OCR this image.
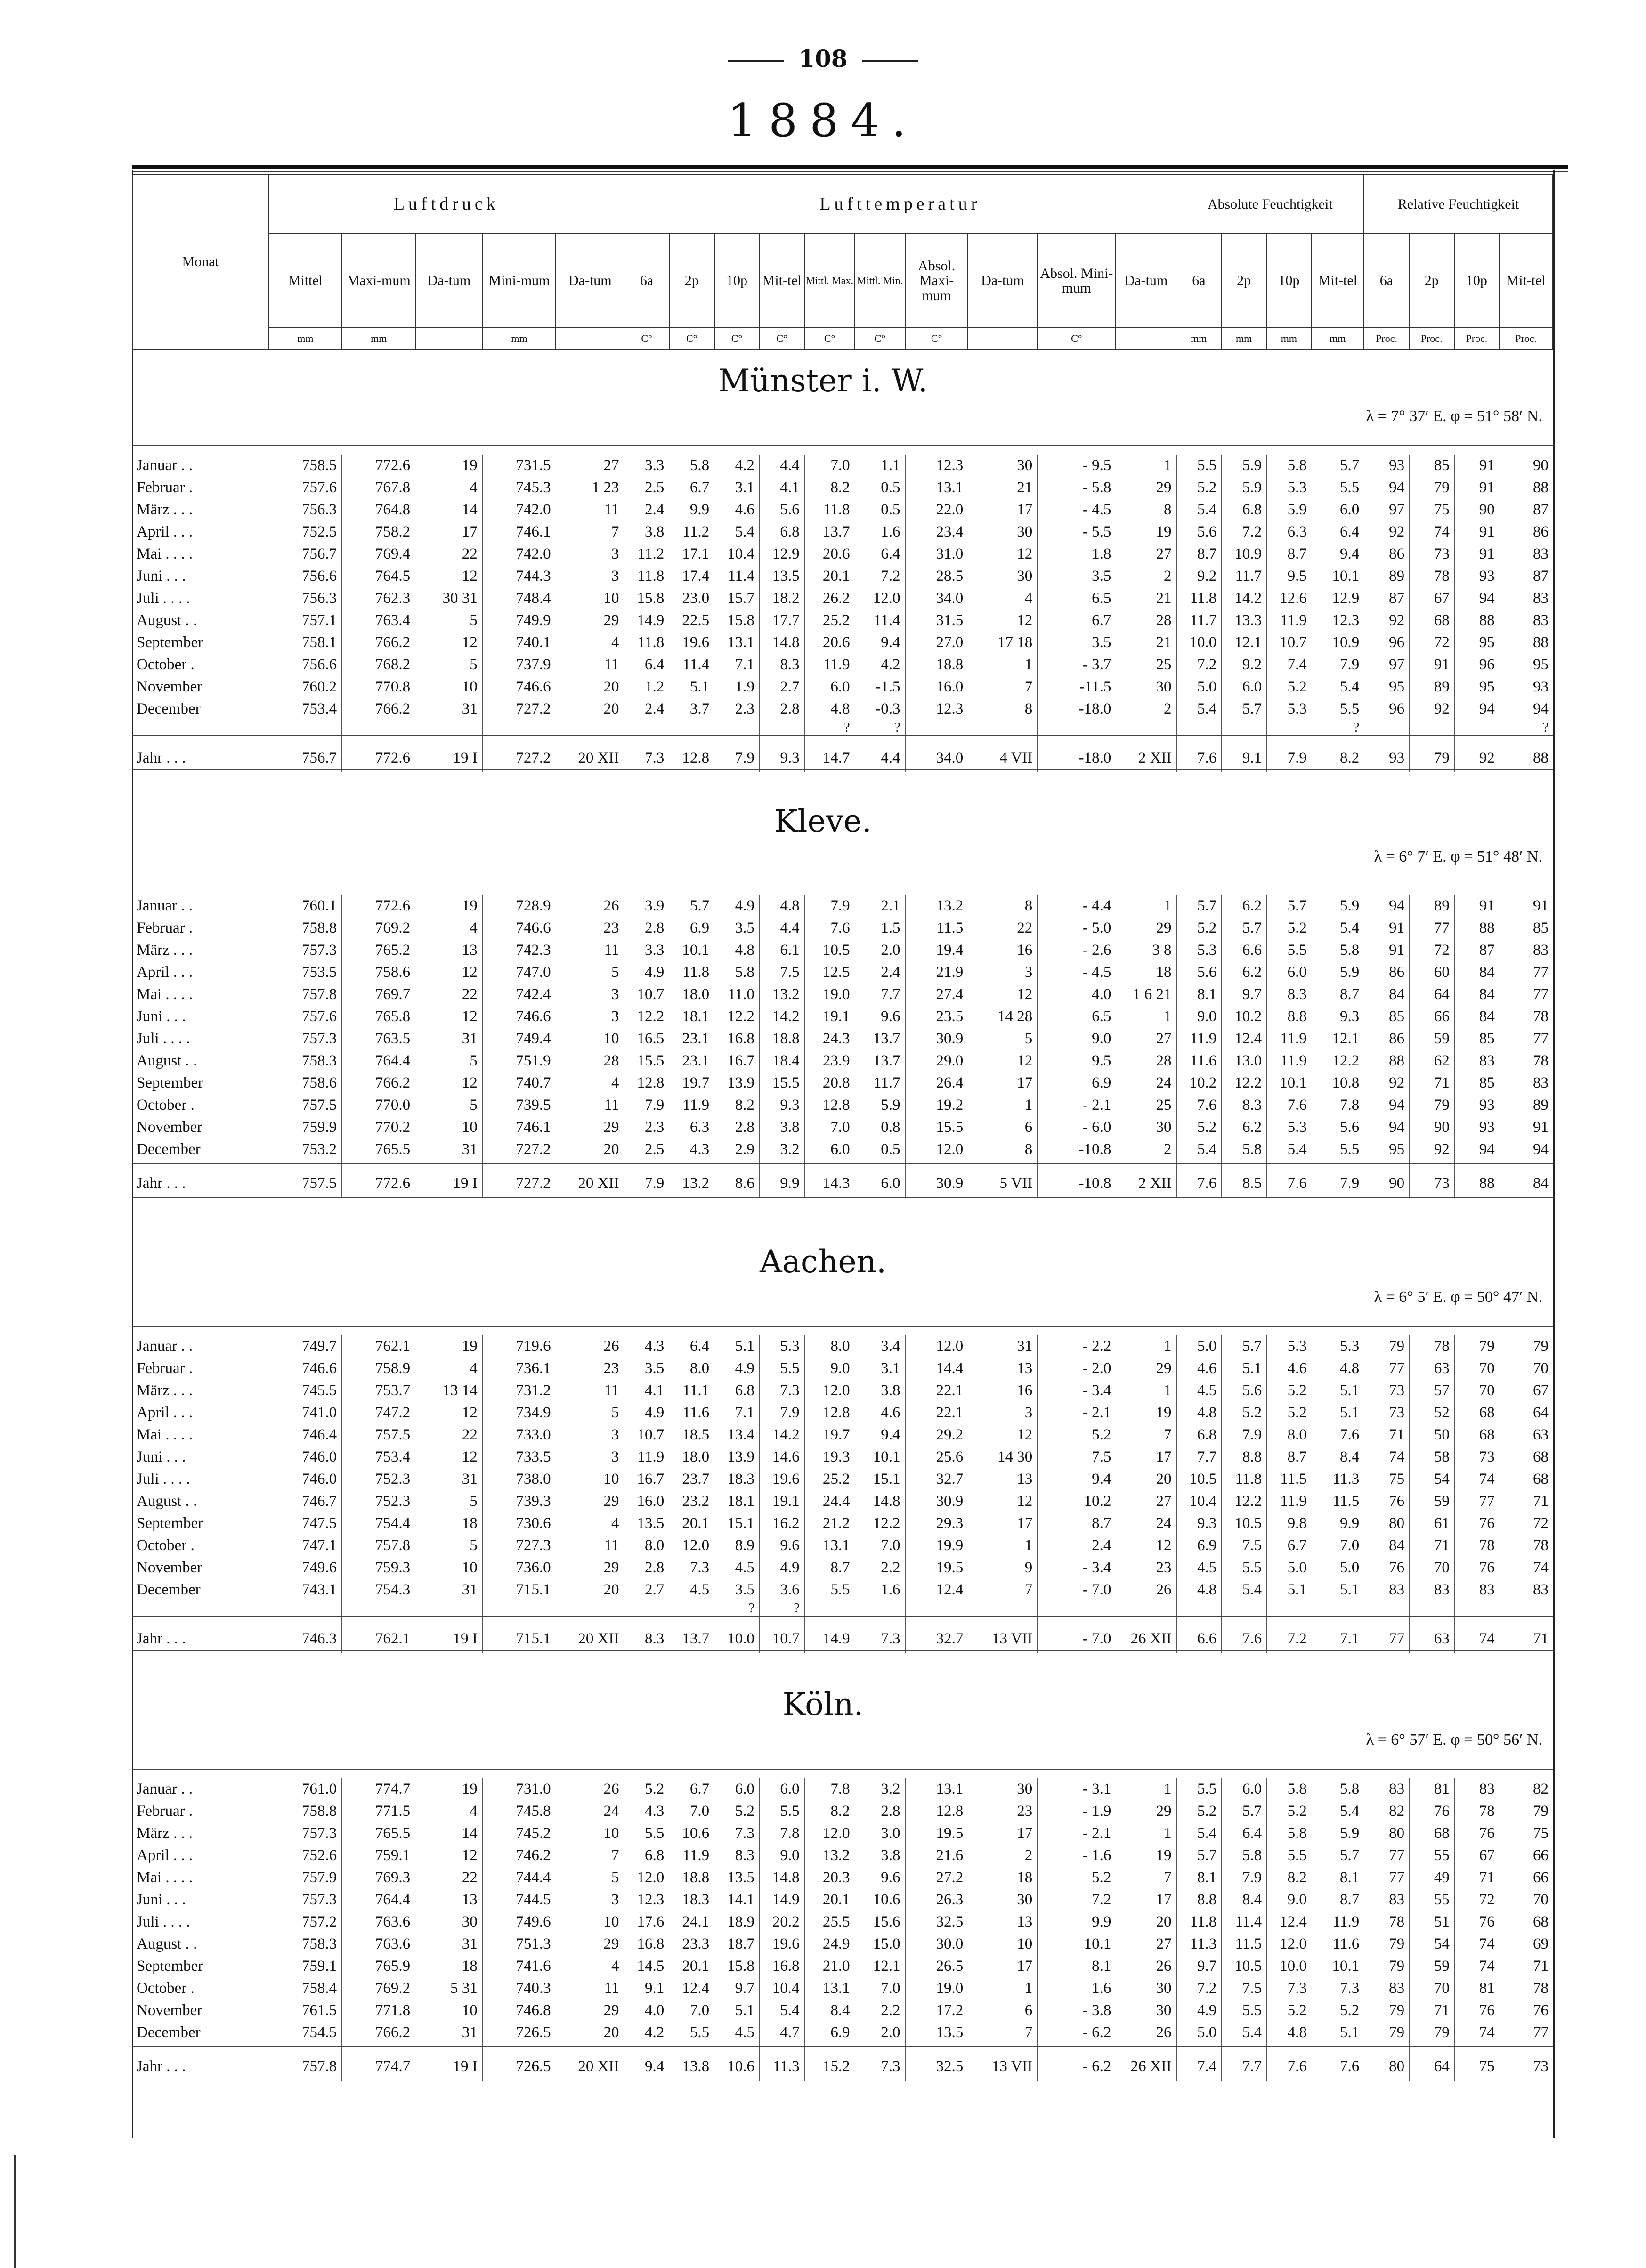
108
1884.
Monat	Luftdruck					Lufttemperatur										Absolute Feuchtigkeit				Relative Feuchtigkeit			
	Mittel	Maxi-mum	Da-tum	Mini-mum	Da-tum	6a	2p	10p	Mit-tel	Mittl. Max.	Mittl. Min.	Absol. Maxi-mum	Da-tum	Absol. Mini-mum	Da-tum	6a	2p	10p	Mit-tel	6a	2p	10p	Mit-tel
	mm	mm		mm		C°	C°	C°	C°	C°	C°	C°		C°		mm	mm	mm	mm	Proc.	Proc.	Proc.	Proc.
Münster i. W.
λ = 7° 37′ E. φ = 51° 58′ N.
Januar . .	758.5	772.6	19	731.5	27	3.3	5.8	4.2	4.4	7.0	1.1	12.3	30	- 9.5	1	5.5	5.9	5.8	5.7	93	85	91	90
Februar .	757.6	767.8	4	745.3	1 23	2.5	6.7	3.1	4.1	8.2	0.5	13.1	21	- 5.8	29	5.2	5.9	5.3	5.5	94	79	91	88
März . . .	756.3	764.8	14	742.0	11	2.4	9.9	4.6	5.6	11.8	0.5	22.0	17	- 4.5	8	5.4	6.8	5.9	6.0	97	75	90	87
April . . .	752.5	758.2	17	746.1	7	3.8	11.2	5.4	6.8	13.7	1.6	23.4	30	- 5.5	19	5.6	7.2	6.3	6.4	92	74	91	86
Mai . . . .	756.7	769.4	22	742.0	3	11.2	17.1	10.4	12.9	20.6	6.4	31.0	12	1.8	27	8.7	10.9	8.7	9.4	86	73	91	83
Juni . . .	756.6	764.5	12	744.3	3	11.8	17.4	11.4	13.5	20.1	7.2	28.5	30	3.5	2	9.2	11.7	9.5	10.1	89	78	93	87
Juli . . . .	756.3	762.3	30 31	748.4	10	15.8	23.0	15.7	18.2	26.2	12.0	34.0	4	6.5	21	11.8	14.2	12.6	12.9	87	67	94	83
August . .	757.1	763.4	5	749.9	29	14.9	22.5	15.8	17.7	25.2	11.4	31.5	12	6.7	28	11.7	13.3	11.9	12.3	92	68	88	83
September	758.1	766.2	12	740.1	4	11.8	19.6	13.1	14.8	20.6	9.4	27.0	17 18	3.5	21	10.0	12.1	10.7	10.9	96	72	95	88
October .	756.6	768.2	5	737.9	11	6.4	11.4	7.1	8.3	11.9	4.2	18.8	1	- 3.7	25	7.2	9.2	7.4	7.9	97	91	96	95
November	760.2	770.8	10	746.6	20	1.2	5.1	1.9	2.7	6.0	-1.5	16.0	7	-11.5	30	5.0	6.0	5.2	5.4	95	89	95	93
December	753.4	766.2	31	727.2	20	2.4	3.7	2.3	2.8	4.8	-0.3	12.3	8	-18.0	2	5.4	5.7	5.3	5.5	96	92	94	94
										?	?								?				?
Jahr . . .	756.7	772.6	19 I	727.2	20 XII	7.3	12.8	7.9	9.3	14.7	4.4	34.0	4 VII	-18.0	2 XII	7.6	9.1	7.9	8.2	93	79	92	88
Kleve.
λ = 6° 7′ E. φ = 51° 48′ N.
Januar . .	760.1	772.6	19	728.9	26	3.9	5.7	4.9	4.8	7.9	2.1	13.2	8	- 4.4	1	5.7	6.2	5.7	5.9	94	89	91	91
Februar .	758.8	769.2	4	746.6	23	2.8	6.9	3.5	4.4	7.6	1.5	11.5	22	- 5.0	29	5.2	5.7	5.2	5.4	91	77	88	85
März . . .	757.3	765.2	13	742.3	11	3.3	10.1	4.8	6.1	10.5	2.0	19.4	16	- 2.6	3 8	5.3	6.6	5.5	5.8	91	72	87	83
April . . .	753.5	758.6	12	747.0	5	4.9	11.8	5.8	7.5	12.5	2.4	21.9	3	- 4.5	18	5.6	6.2	6.0	5.9	86	60	84	77
Mai . . . .	757.8	769.7	22	742.4	3	10.7	18.0	11.0	13.2	19.0	7.7	27.4	12	4.0	1 6 21	8.1	9.7	8.3	8.7	84	64	84	77
Juni . . .	757.6	765.8	12	746.6	3	12.2	18.1	12.2	14.2	19.1	9.6	23.5	14 28	6.5	1	9.0	10.2	8.8	9.3	85	66	84	78
Juli . . . .	757.3	763.5	31	749.4	10	16.5	23.1	16.8	18.8	24.3	13.7	30.9	5	9.0	27	11.9	12.4	11.9	12.1	86	59	85	77
August . .	758.3	764.4	5	751.9	28	15.5	23.1	16.7	18.4	23.9	13.7	29.0	12	9.5	28	11.6	13.0	11.9	12.2	88	62	83	78
September	758.6	766.2	12	740.7	4	12.8	19.7	13.9	15.5	20.8	11.7	26.4	17	6.9	24	10.2	12.2	10.1	10.8	92	71	85	83
October .	757.5	770.0	5	739.5	11	7.9	11.9	8.2	9.3	12.8	5.9	19.2	1	- 2.1	25	7.6	8.3	7.6	7.8	94	79	93	89
November	759.9	770.2	10	746.1	29	2.3	6.3	2.8	3.8	7.0	0.8	15.5	6	- 6.0	30	5.2	6.2	5.3	5.6	94	90	93	91
December	753.2	765.5	31	727.2	20	2.5	4.3	2.9	3.2	6.0	0.5	12.0	8	-10.8	2	5.4	5.8	5.4	5.5	95	92	94	94
Jahr . . .	757.5	772.6	19 I	727.2	20 XII	7.9	13.2	8.6	9.9	14.3	6.0	30.9	5 VII	-10.8	2 XII	7.6	8.5	7.6	7.9	90	73	88	84
Aachen.
λ = 6° 5′ E. φ = 50° 47′ N.
Januar . .	749.7	762.1	19	719.6	26	4.3	6.4	5.1	5.3	8.0	3.4	12.0	31	- 2.2	1	5.0	5.7	5.3	5.3	79	78	79	79
Februar .	746.6	758.9	4	736.1	23	3.5	8.0	4.9	5.5	9.0	3.1	14.4	13	- 2.0	29	4.6	5.1	4.6	4.8	77	63	70	70
März . . .	745.5	753.7	13 14	731.2	11	4.1	11.1	6.8	7.3	12.0	3.8	22.1	16	- 3.4	1	4.5	5.6	5.2	5.1	73	57	70	67
April . . .	741.0	747.2	12	734.9	5	4.9	11.6	7.1	7.9	12.8	4.6	22.1	3	- 2.1	19	4.8	5.2	5.2	5.1	73	52	68	64
Mai . . . .	746.4	757.5	22	733.0	3	10.7	18.5	13.4	14.2	19.7	9.4	29.2	12	5.2	7	6.8	7.9	8.0	7.6	71	50	68	63
Juni . . .	746.0	753.4	12	733.5	3	11.9	18.0	13.9	14.6	19.3	10.1	25.6	14 30	7.5	17	7.7	8.8	8.7	8.4	74	58	73	68
Juli . . . .	746.0	752.3	31	738.0	10	16.7	23.7	18.3	19.6	25.2	15.1	32.7	13	9.4	20	10.5	11.8	11.5	11.3	75	54	74	68
August . .	746.7	752.3	5	739.3	29	16.0	23.2	18.1	19.1	24.4	14.8	30.9	12	10.2	27	10.4	12.2	11.9	11.5	76	59	77	71
September	747.5	754.4	18	730.6	4	13.5	20.1	15.1	16.2	21.2	12.2	29.3	17	8.7	24	9.3	10.5	9.8	9.9	80	61	76	72
October .	747.1	757.8	5	727.3	11	8.0	12.0	8.9	9.6	13.1	7.0	19.9	1	2.4	12	6.9	7.5	6.7	7.0	84	71	78	78
November	749.6	759.3	10	736.0	29	2.8	7.3	4.5	4.9	8.7	2.2	19.5	9	- 3.4	23	4.5	5.5	5.0	5.0	76	70	76	74
December	743.1	754.3	31	715.1	20	2.7	4.5	3.5	3.6	5.5	1.6	12.4	7	- 7.0	26	4.8	5.4	5.1	5.1	83	83	83	83
								?	?														
Jahr . . .	746.3	762.1	19 I	715.1	20 XII	8.3	13.7	10.0	10.7	14.9	7.3	32.7	13 VII	- 7.0	26 XII	6.6	7.6	7.2	7.1	77	63	74	71
Köln.
λ = 6° 57′ E. φ = 50° 56′ N.
Januar . .	761.0	774.7	19	731.0	26	5.2	6.7	6.0	6.0	7.8	3.2	13.1	30	- 3.1	1	5.5	6.0	5.8	5.8	83	81	83	82
Februar .	758.8	771.5	4	745.8	24	4.3	7.0	5.2	5.5	8.2	2.8	12.8	23	- 1.9	29	5.2	5.7	5.2	5.4	82	76	78	79
März . . .	757.3	765.5	14	745.2	10	5.5	10.6	7.3	7.8	12.0	3.0	19.5	17	- 2.1	1	5.4	6.4	5.8	5.9	80	68	76	75
April . . .	752.6	759.1	12	746.2	7	6.8	11.9	8.3	9.0	13.2	3.8	21.6	2	- 1.6	19	5.7	5.8	5.5	5.7	77	55	67	66
Mai . . . .	757.9	769.3	22	744.4	5	12.0	18.8	13.5	14.8	20.3	9.6	27.2	18	5.2	7	8.1	7.9	8.2	8.1	77	49	71	66
Juni . . .	757.3	764.4	13	744.5	3	12.3	18.3	14.1	14.9	20.1	10.6	26.3	30	7.2	17	8.8	8.4	9.0	8.7	83	55	72	70
Juli . . . .	757.2	763.6	30	749.6	10	17.6	24.1	18.9	20.2	25.5	15.6	32.5	13	9.9	20	11.8	11.4	12.4	11.9	78	51	76	68
August . .	758.3	763.6	31	751.3	29	16.8	23.3	18.7	19.6	24.9	15.0	30.0	10	10.1	27	11.3	11.5	12.0	11.6	79	54	74	69
September	759.1	765.9	18	741.6	4	14.5	20.1	15.8	16.8	21.0	12.1	26.5	17	8.1	26	9.7	10.5	10.0	10.1	79	59	74	71
October .	758.4	769.2	5 31	740.3	11	9.1	12.4	9.7	10.4	13.1	7.0	19.0	1	1.6	30	7.2	7.5	7.3	7.3	83	70	81	78
November	761.5	771.8	10	746.8	29	4.0	7.0	5.1	5.4	8.4	2.2	17.2	6	- 3.8	30	4.9	5.5	5.2	5.2	79	71	76	76
December	754.5	766.2	31	726.5	20	4.2	5.5	4.5	4.7	6.9	2.0	13.5	7	- 6.2	26	5.0	5.4	4.8	5.1	79	79	74	77
Jahr . . .	757.8	774.7	19 I	726.5	20 XII	9.4	13.8	10.6	11.3	15.2	7.3	32.5	13 VII	- 6.2	26 XII	7.4	7.7	7.6	7.6	80	64	75	73
